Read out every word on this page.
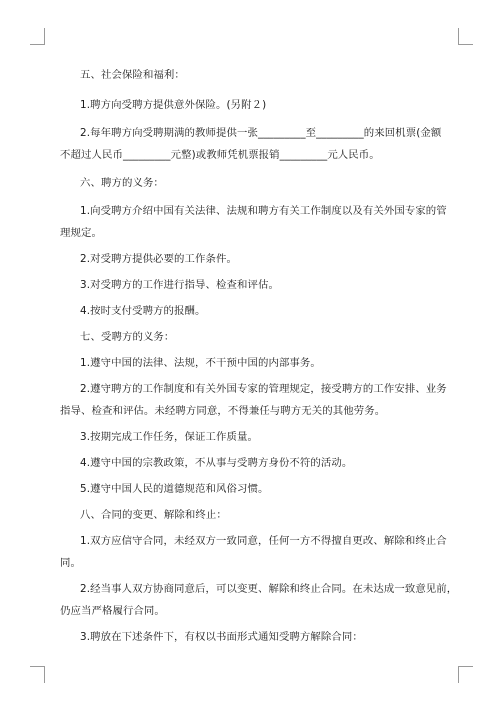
五、社会保险和福利：
1.聘方向受聘方提供意外保险。(另附２)
2.每年聘方向受聘期满的教师提供一张_________至_________的来回机票(金额
不超过人民币_________元整)或教师凭机票报销_________元人民币。
六、聘方的义务：
1.向受聘方介绍中国有关法律、法规和聘方有关工作制度以及有关外国专家的管
理规定。
2.对受聘方提供必要的工作条件。
3.对受聘方的工作进行指导、检查和评估。
4.按时支付受聘方的报酬。
七、受聘方的义务：
1.遵守中国的法律、法规，不干预中国的内部事务。
2.遵守聘方的工作制度和有关外国专家的管理规定，接受聘方的工作安排、业务
指导、检查和评估。未经聘方同意，不得兼任与聘方无关的其他劳务。
3.按期完成工作任务，保证工作质量。
4.遵守中国的宗教政策，不从事与受聘方身份不符的活动。
5.遵守中国人民的道德规范和风俗习惯。
八、合同的变更、解除和终止：
1.双方应信守合同，未经双方一致同意，任何一方不得擅自更改、解除和终止合
同。
2.经当事人双方协商同意后，可以变更、解除和终止合同。在未达成一致意见前，
仍应当严格履行合同。
3.聘放在下述条件下，有权以书面形式通知受聘方解除合同：
